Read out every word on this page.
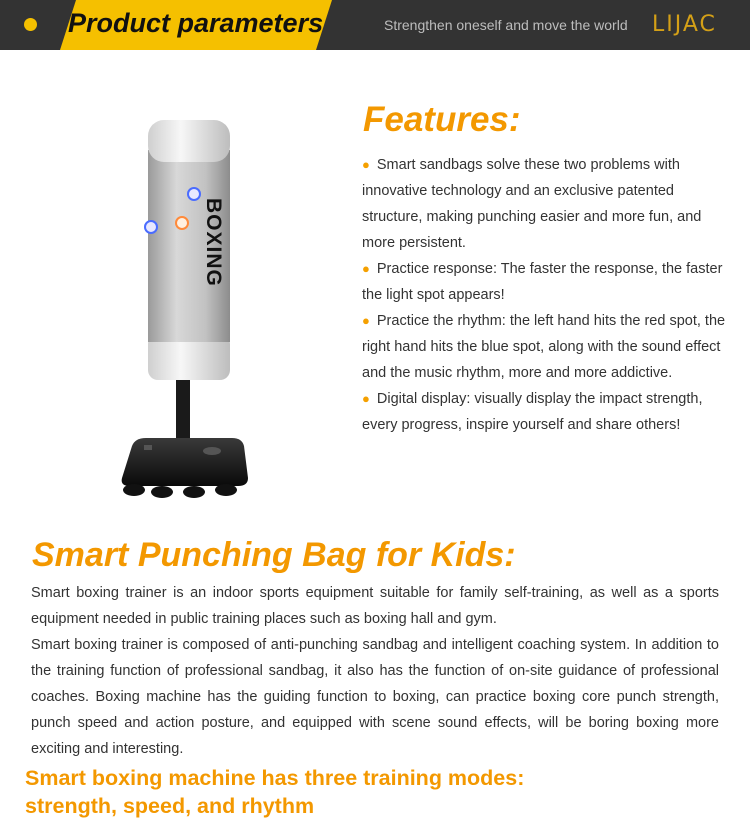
Product parameters	Strengthen oneself and move the world LIJAC
BOXING
Features:
● Smart sandbags solve these two problems with innovative technology and an exclusive patented structure, making punching easier and more fun, and more persistent.
● Practice response: The faster the response, the faster the light spot appears!
● Practice the rhythm: the left hand hits the red spot, the right hand hits the blue spot, along with the sound effect and the music rhythm, more and more addictive.
● Digital display: visually display the impact strength, every progress, inspire yourself and share others!
Smart Punching Bag for Kids:

Smart boxing trainer is an indoor sports equipment suitable for family self-training, as well as a sports equipment needed in public training places such as boxing hall and gym.

Smart boxing trainer is composed of anti-punching sandbag and intelligent coaching system. In addition to the training function of professional sandbag, it also has the function of on-site guidance of professional coaches. Boxing machine has the guiding function to boxing, can practice boxing core punch strength, punch speed and action posture, and equipped with scene sound effects, will be boring boxing more exciting and interesting.

Smart boxing machine has three training modes:
strength, speed, and rhythm
